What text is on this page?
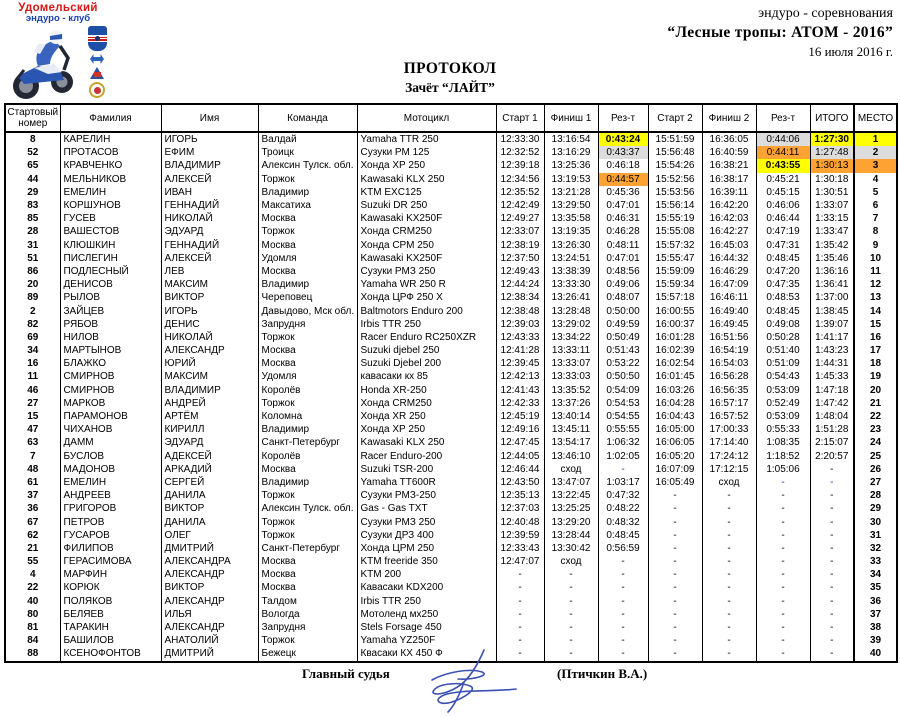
Удомельский
эндуро - клуб	эндуро - соревнования
“Лесные тропы: АТОМ - 2016”
16 июля 2016 г.
ПРОТОКОЛ
Зачёт “ЛАЙТ”
Стартовый номер	Фамилия	Имя	Команда	Мотоцикл	Старт 1	Финиш 1	Рез-т	Старт 2	Финиш 2	Рез-т	ИТОГО	МЕСТО
8	КАРЕЛИН	ИГОРЬ	Валдай	Yamaha TTR 250	12:33:30	13:16:54	0:43:24	15:51:59	16:36:05	0:44:06	1:27:30	1
52	ПРОТАСОВ	ЕФИМ	Троицк	Сузуки РМ 125	12:32:52	13:16:29	0:43:37	15:56:48	16:40:59	0:44:11	1:27:48	2
65	КРАВЧЕНКО	ВЛАДИМИР	Алексин Тулск. обл.	Хонда ХР 250	12:39:18	13:25:36	0:46:18	15:54:26	16:38:21	0:43:55	1:30:13	3
44	МЕЛЬНИКОВ	АЛЕКСЕЙ	Торжок	Kawasaki KLX 250	12:34:56	13:19:53	0:44:57	15:52:56	16:38:17	0:45:21	1:30:18	4
29	ЕМЕЛИН	ИВАН	Владимир	KTM EXC125	12:35:52	13:21:28	0:45:36	15:53:56	16:39:11	0:45:15	1:30:51	5
83	КОРШУНОВ	ГЕННАДИЙ	Максатиха	Suzuki DR 250	12:42:49	13:29:50	0:47:01	15:56:14	16:42:20	0:46:06	1:33:07	6
85	ГУСЕВ	НИКОЛАЙ	Москва	Kawasaki KX250F	12:49:27	13:35:58	0:46:31	15:55:19	16:42:03	0:46:44	1:33:15	7
28	ВАШЕСТОВ	ЭДУАРД	Торжок	Хонда CRM250	12:33:07	13:19:35	0:46:28	15:55:08	16:42:27	0:47:19	1:33:47	8
31	КЛЮШКИН	ГЕННАДИЙ	Москва	Хонда СРМ 250	12:38:19	13:26:30	0:48:11	15:57:32	16:45:03	0:47:31	1:35:42	9
51	ПИСЛЕГИН	АЛЕКСЕЙ	Удомля	Kawasaki KX250F	12:37:50	13:24:51	0:47:01	15:55:47	16:44:32	0:48:45	1:35:46	10
86	ПОДЛЕСНЫЙ	ЛЕВ	Москва	Сузуки РМЗ 250	12:49:43	13:38:39	0:48:56	15:59:09	16:46:29	0:47:20	1:36:16	11
20	ДЕНИСОВ	МАКСИМ	Владимир	Yamaha WR 250 R	12:44:24	13:33:30	0:49:06	15:59:34	16:47:09	0:47:35	1:36:41	12
89	РЫЛОВ	ВИКТОР	Череповец	Хонда ЦРФ 250 X	12:38:34	13:26:41	0:48:07	15:57:18	16:46:11	0:48:53	1:37:00	13
2	ЗАЙЦЕВ	ИГОРЬ	Давыдово, Мск обл.	Baltmotors Enduro 200	12:38:48	13:28:48	0:50:00	16:00:55	16:49:40	0:48:45	1:38:45	14
82	РЯБОВ	ДЕНИС	Запрудня	Irbis TTR 250	12:39:03	13:29:02	0:49:59	16:00:37	16:49:45	0:49:08	1:39:07	15
69	НИЛОВ	НИКОЛАЙ	Торжок	Racer Enduro RC250XZR	12:43:33	13:34:22	0:50:49	16:01:28	16:51:56	0:50:28	1:41:17	16
34	МАРТЫНОВ	АЛЕКСАНДР	Москва	Suzuki djebel 250	12:41:28	13:33:11	0:51:43	16:02:39	16:54:19	0:51:40	1:43:23	17
16	БЛАЖКО	ЮРИЙ	Москва	Suzuki Djebel 200	12:39:45	13:33:07	0:53:22	16:02:54	16:54:03	0:51:09	1:44:31	18
11	СМИРНОВ	МАКСИМ	Удомля	кавасаки кх 85	12:42:13	13:33:03	0:50:50	16:01:45	16:56:28	0:54:43	1:45:33	19
46	СМИРНОВ	ВЛАДИМИР	Королёв	Honda XR-250	12:41:43	13:35:52	0:54:09	16:03:26	16:56:35	0:53:09	1:47:18	20
27	МАРКОВ	АНДРЕЙ	Торжок	Хонда CRM250	12:42:33	13:37:26	0:54:53	16:04:28	16:57:17	0:52:49	1:47:42	21
15	ПАРАМОНОВ	АРТЁМ	Коломна	Хонда XR 250	12:45:19	13:40:14	0:54:55	16:04:43	16:57:52	0:53:09	1:48:04	22
47	ЧИХАНОВ	КИРИЛЛ	Владимир	Хонда ХР 250	12:49:16	13:45:11	0:55:55	16:05:00	17:00:33	0:55:33	1:51:28	23
63	ДАММ	ЭДУАРД	Санкт-Петербург	Kawasaki KLX 250	12:47:45	13:54:17	1:06:32	16:06:05	17:14:40	1:08:35	2:15:07	24
7	БУСЛОВ	АДЕКСЕЙ	Королёв	Racer Enduro-200	12:44:05	13:46:10	1:02:05	16:05:20	17:24:12	1:18:52	2:20:57	25
48	МАДОНОВ	АРКАДИЙ	Москва	Suzuki TSR-200	12:46:44	сход	-	16:07:09	17:12:15	1:05:06	-	26
61	ЕМЕЛИН	СЕРГЕЙ	Владимир	Yamaha TT600R	12:43:50	13:47:07	1:03:17	16:05:49	сход	-	-	27
37	АНДРЕЕВ	ДАНИЛА	Торжок	Сузуки РМЗ-250	12:35:13	13:22:45	0:47:32	-	-	-	-	28
36	ГРИГОРОВ	ВИКТОР	Алексин Тулск. обл.	Gas - Gas TXT	12:37:03	13:25:25	0:48:22	-	-	-	-	29
67	ПЕТРОВ	ДАНИЛА	Торжок	Сузуки РМЗ 250	12:40:48	13:29:20	0:48:32	-	-	-	-	30
62	ГУСАРОВ	ОЛЕГ	Торжок	Сузуки ДРЗ 400	12:39:59	13:28:44	0:48:45	-	-	-	-	31
21	ФИЛИПОВ	ДМИТРИЙ	Санкт-Петербург	Хонда ЦРМ 250	12:33:43	13:30:42	0:56:59	-	-	-	-	32
55	ГЕРАСИМОВА	АЛЕКСАНДРА	Москва	KTM freeride 350	12:47:07	сход	-	-	-	-	-	33
4	МАРФИН	АЛЕКСАНДР	Москва	KTM 200	-	-	-	-	-	-	-	34
22	КОРЮК	ВИКТОР	Москва	Кавасаки KDX200	-	-	-	-	-	-	-	35
40	ПОЛЯКОВ	АЛЕКСАНДР	Талдом	Irbis TTR 250	-	-	-	-	-	-	-	36
80	БЕЛЯЕВ	ИЛЬЯ	Вологда	Мотоленд мх250	-	-	-	-	-	-	-	37
81	ТАРАКИН	АЛЕКСАНДР	Запрудня	Stels Forsage 450	-	-	-	-	-	-	-	38
84	БАШИЛОВ	АНАТОЛИЙ	Торжок	Yamaha YZ250F	-	-	-	-	-	-	-	39
88	КСЕНОФОНТОВ	ДМИТРИЙ	Бежецк	Квасаки КХ 450 Ф	-	-	-	-	-	-	-	40
Главный судья	(Птичкин В.А.)
